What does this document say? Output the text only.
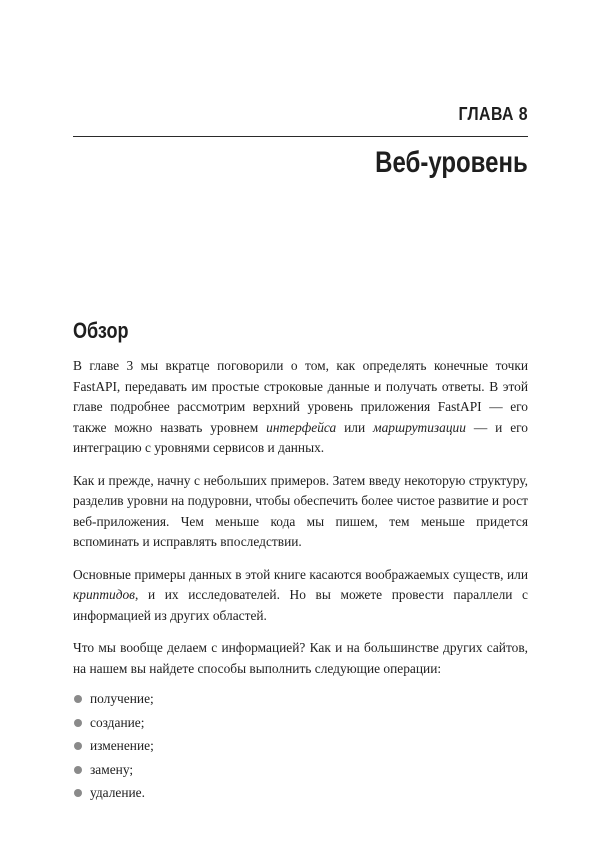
ГЛАВА 8
Веб-уровень
Обзор

В главе 3 мы вкратце поговорили о том, как определять конечные точки FastAPI, передавать им простые строковые данные и получать ответы. В этой главе подробнее рассмотрим верхний уровень приложения FastAPI — его также можно назвать уровнем интерфейса или маршрутизации — и его интеграцию с уровнями сервисов и данных.

Как и прежде, начну с небольших примеров. Затем введу некоторую структуру, разделив уровни на подуровни, чтобы обеспечить более чистое развитие и рост веб-приложения. Чем меньше кода мы пишем, тем меньше придется вспоминать и исправлять впоследствии.

Основные примеры данных в этой книге касаются воображаемых существ, или криптидов, и их исследователей. Но вы можете провести параллели с информацией из других областей.

Что мы вообще делаем с информацией? Как и на большинстве других сайтов, на нашем вы найдете способы выполнить следующие операции:

получение;
создание;
изменение;
замену;
удаление.
